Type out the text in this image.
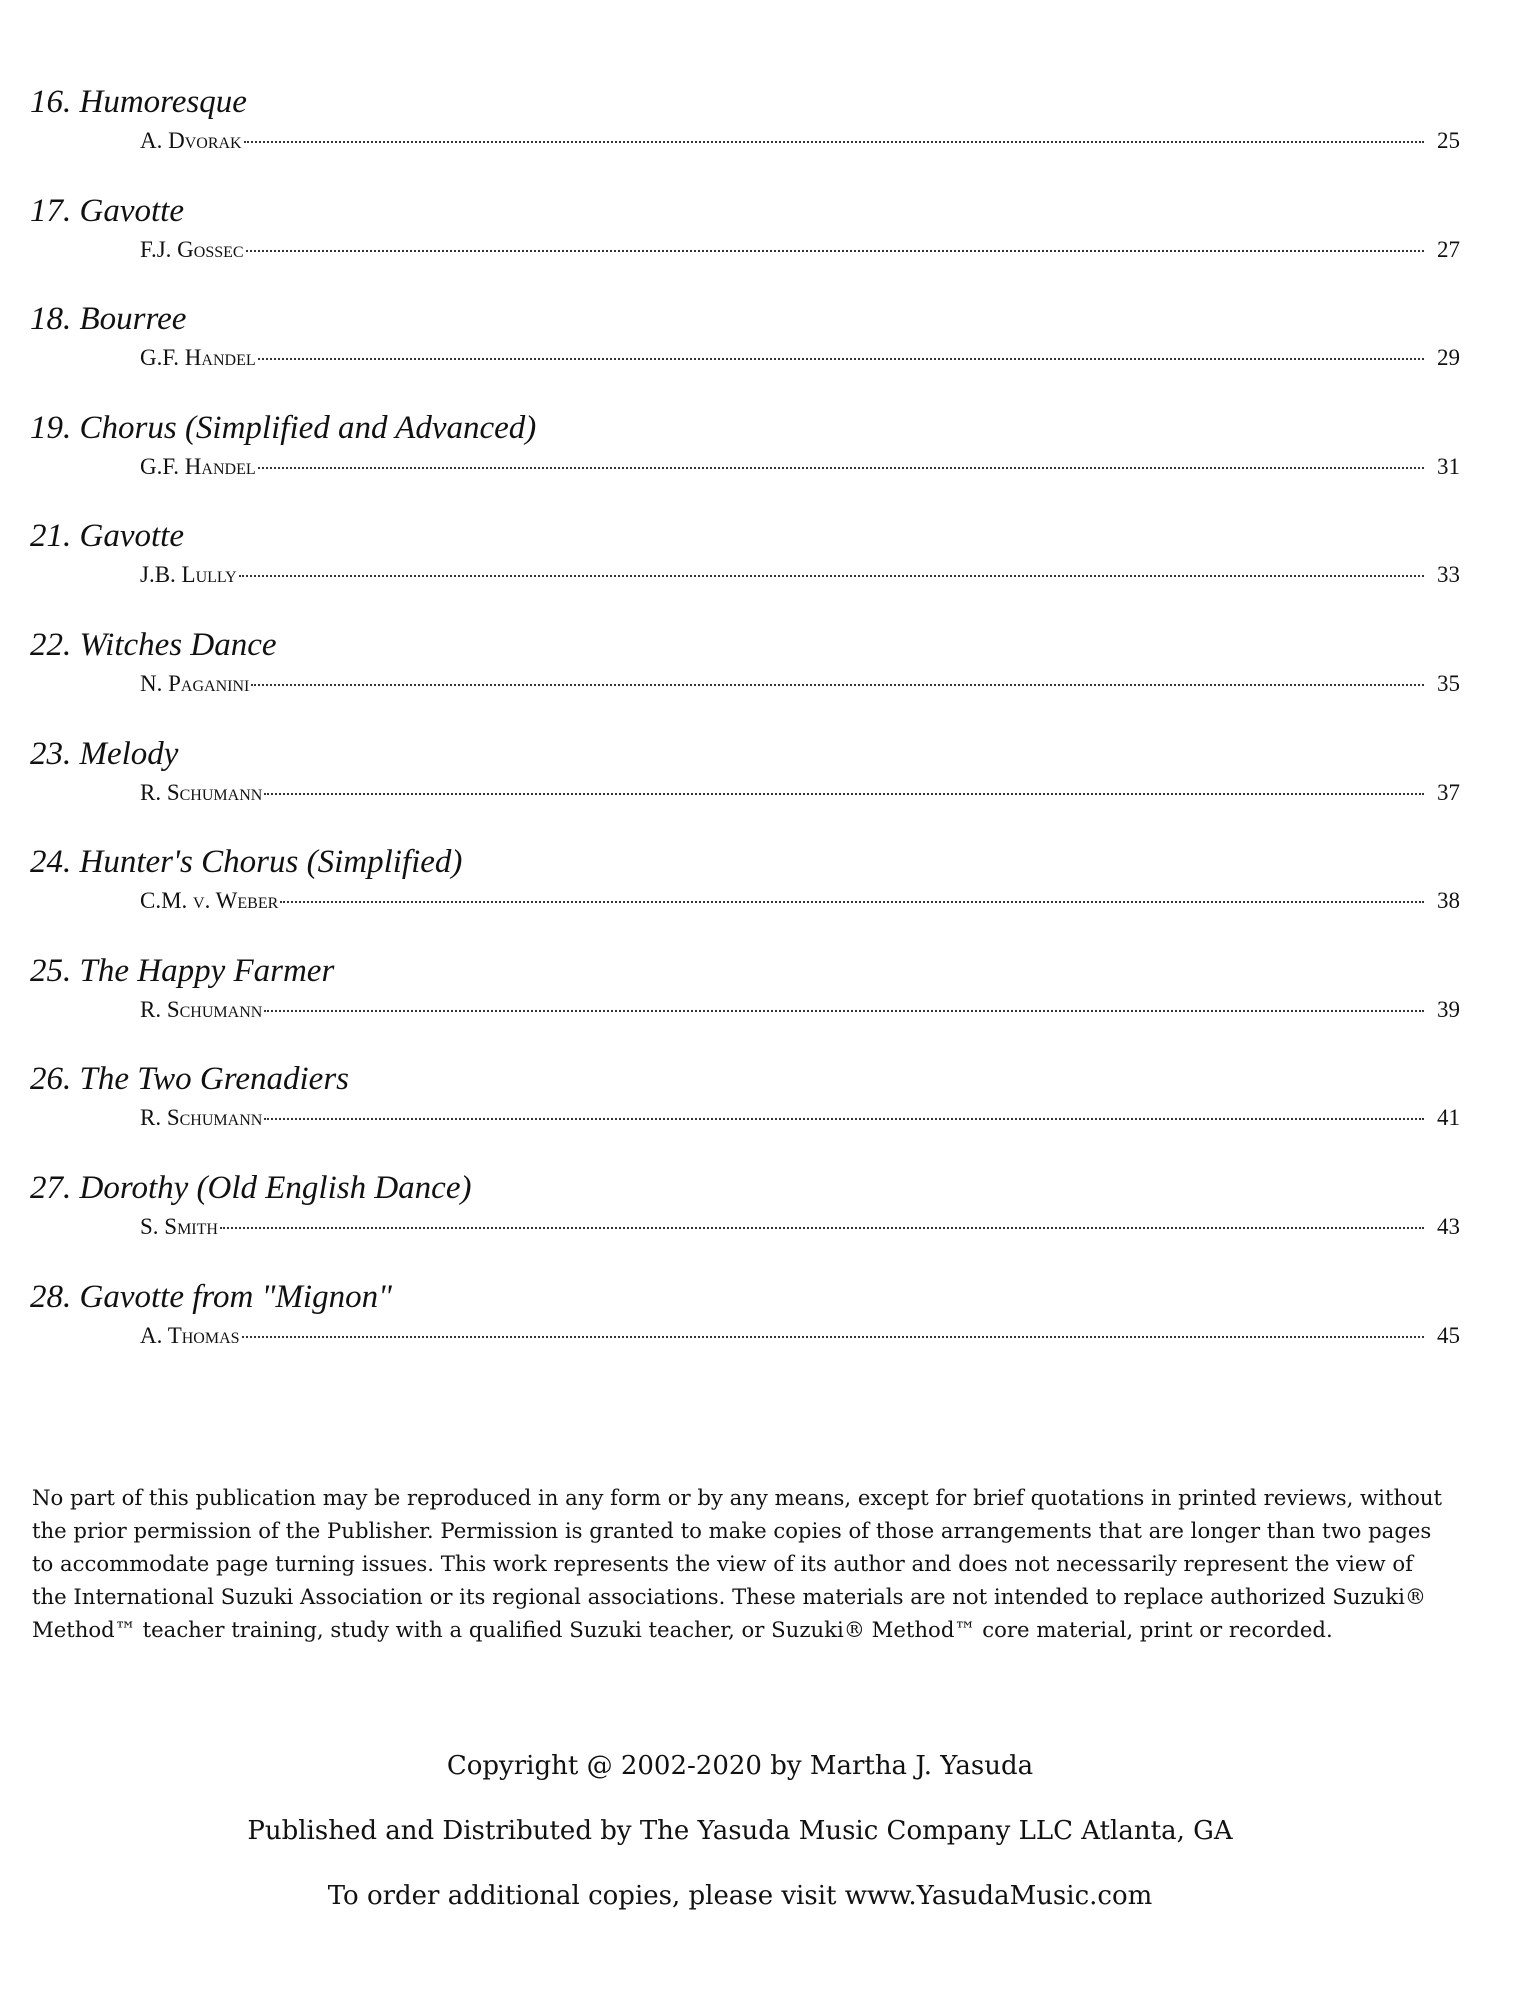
16. Humoresque
A. Dvorak	25
17. Gavotte
F.J. Gossec	27
18. Bourree
G.F. Handel	29
19. Chorus (Simplified and Advanced)
G.F. Handel	31
21. Gavotte
J.B. Lully	33
22. Witches Dance
N. Paganini	35
23. Melody
R. Schumann	37
24. Hunter's Chorus (Simplified)
C.M. v. Weber	38
25. The Happy Farmer
R. Schumann	39
26. The Two Grenadiers
R. Schumann	41
27. Dorothy (Old English Dance)
S. Smith	43
28. Gavotte from "Mignon"
A. Thomas	45

No part of this publication may be reproduced in any form or by any means, except for brief quotations in printed reviews, without the prior permission of the Publisher. Permission is granted to make copies of those arrangements that are longer than two pages to accommodate page turning issues. This work represents the view of its author and does not necessarily represent the view of the International Suzuki Association or its regional associations. These materials are not intended to replace authorized Suzuki® Method™ teacher training, study with a qualified Suzuki teacher, or Suzuki® Method™ core material, print or recorded.

Copyright @ 2002-2020 by Martha J. Yasuda
Published and Distributed by The Yasuda Music Company LLC Atlanta, GA
To order additional copies, please visit www.YasudaMusic.com
